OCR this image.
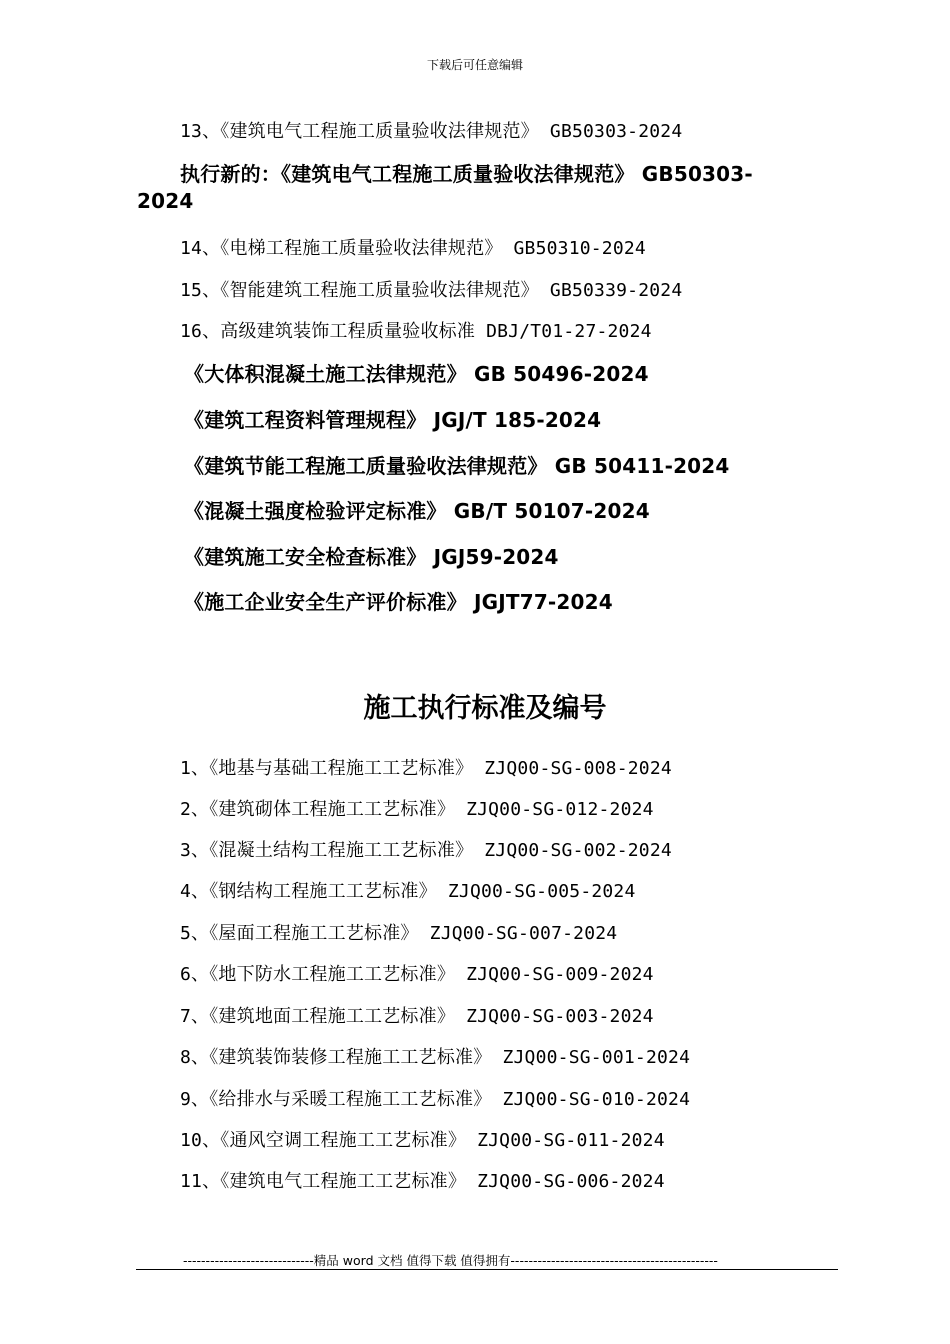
下载后可任意编辑
13、《建筑电气工程施工质量验收法律规范》 GB50303-2024
执行新的：《建筑电气工程施工质量验收法律规范》 GB50303-
2024
14、《电梯工程施工质量验收法律规范》 GB50310-2024
15、《智能建筑工程施工质量验收法律规范》 GB50339-2024
16、高级建筑装饰工程质量验收标准 DBJ/T01-27-2024
《大体积混凝土施工法律规范》 GB 50496-2024
《建筑工程资料管理规程》 JGJ/T 185-2024
《建筑节能工程施工质量验收法律规范》 GB 50411-2024
《混凝土强度检验评定标准》 GB/T 50107-2024
《建筑施工安全检查标准》 JGJ59-2024
《施工企业安全生产评价标准》 JGJT77-2024
施工执行标准及编号
1、《地基与基础工程施工工艺标准》 ZJQ00-SG-008-2024
2、《建筑砌体工程施工工艺标准》 ZJQ00-SG-012-2024
3、《混凝土结构工程施工工艺标准》 ZJQ00-SG-002-2024
4、《钢结构工程施工工艺标准》 ZJQ00-SG-005-2024
5、《屋面工程施工工艺标准》 ZJQ00-SG-007-2024
6、《地下防水工程施工工艺标准》 ZJQ00-SG-009-2024
7、《建筑地面工程施工工艺标准》 ZJQ00-SG-003-2024
8、《建筑装饰装修工程施工工艺标准》 ZJQ00-SG-001-2024
9、《给排水与采暖工程施工工艺标准》 ZJQ00-SG-010-2024
10、《通风空调工程施工工艺标准》 ZJQ00-SG-011-2024
11、《建筑电气工程施工工艺标准》 ZJQ00-SG-006-2024
-----------------------------精品 word 文档 值得下载 值得拥有----------------------------------------------
